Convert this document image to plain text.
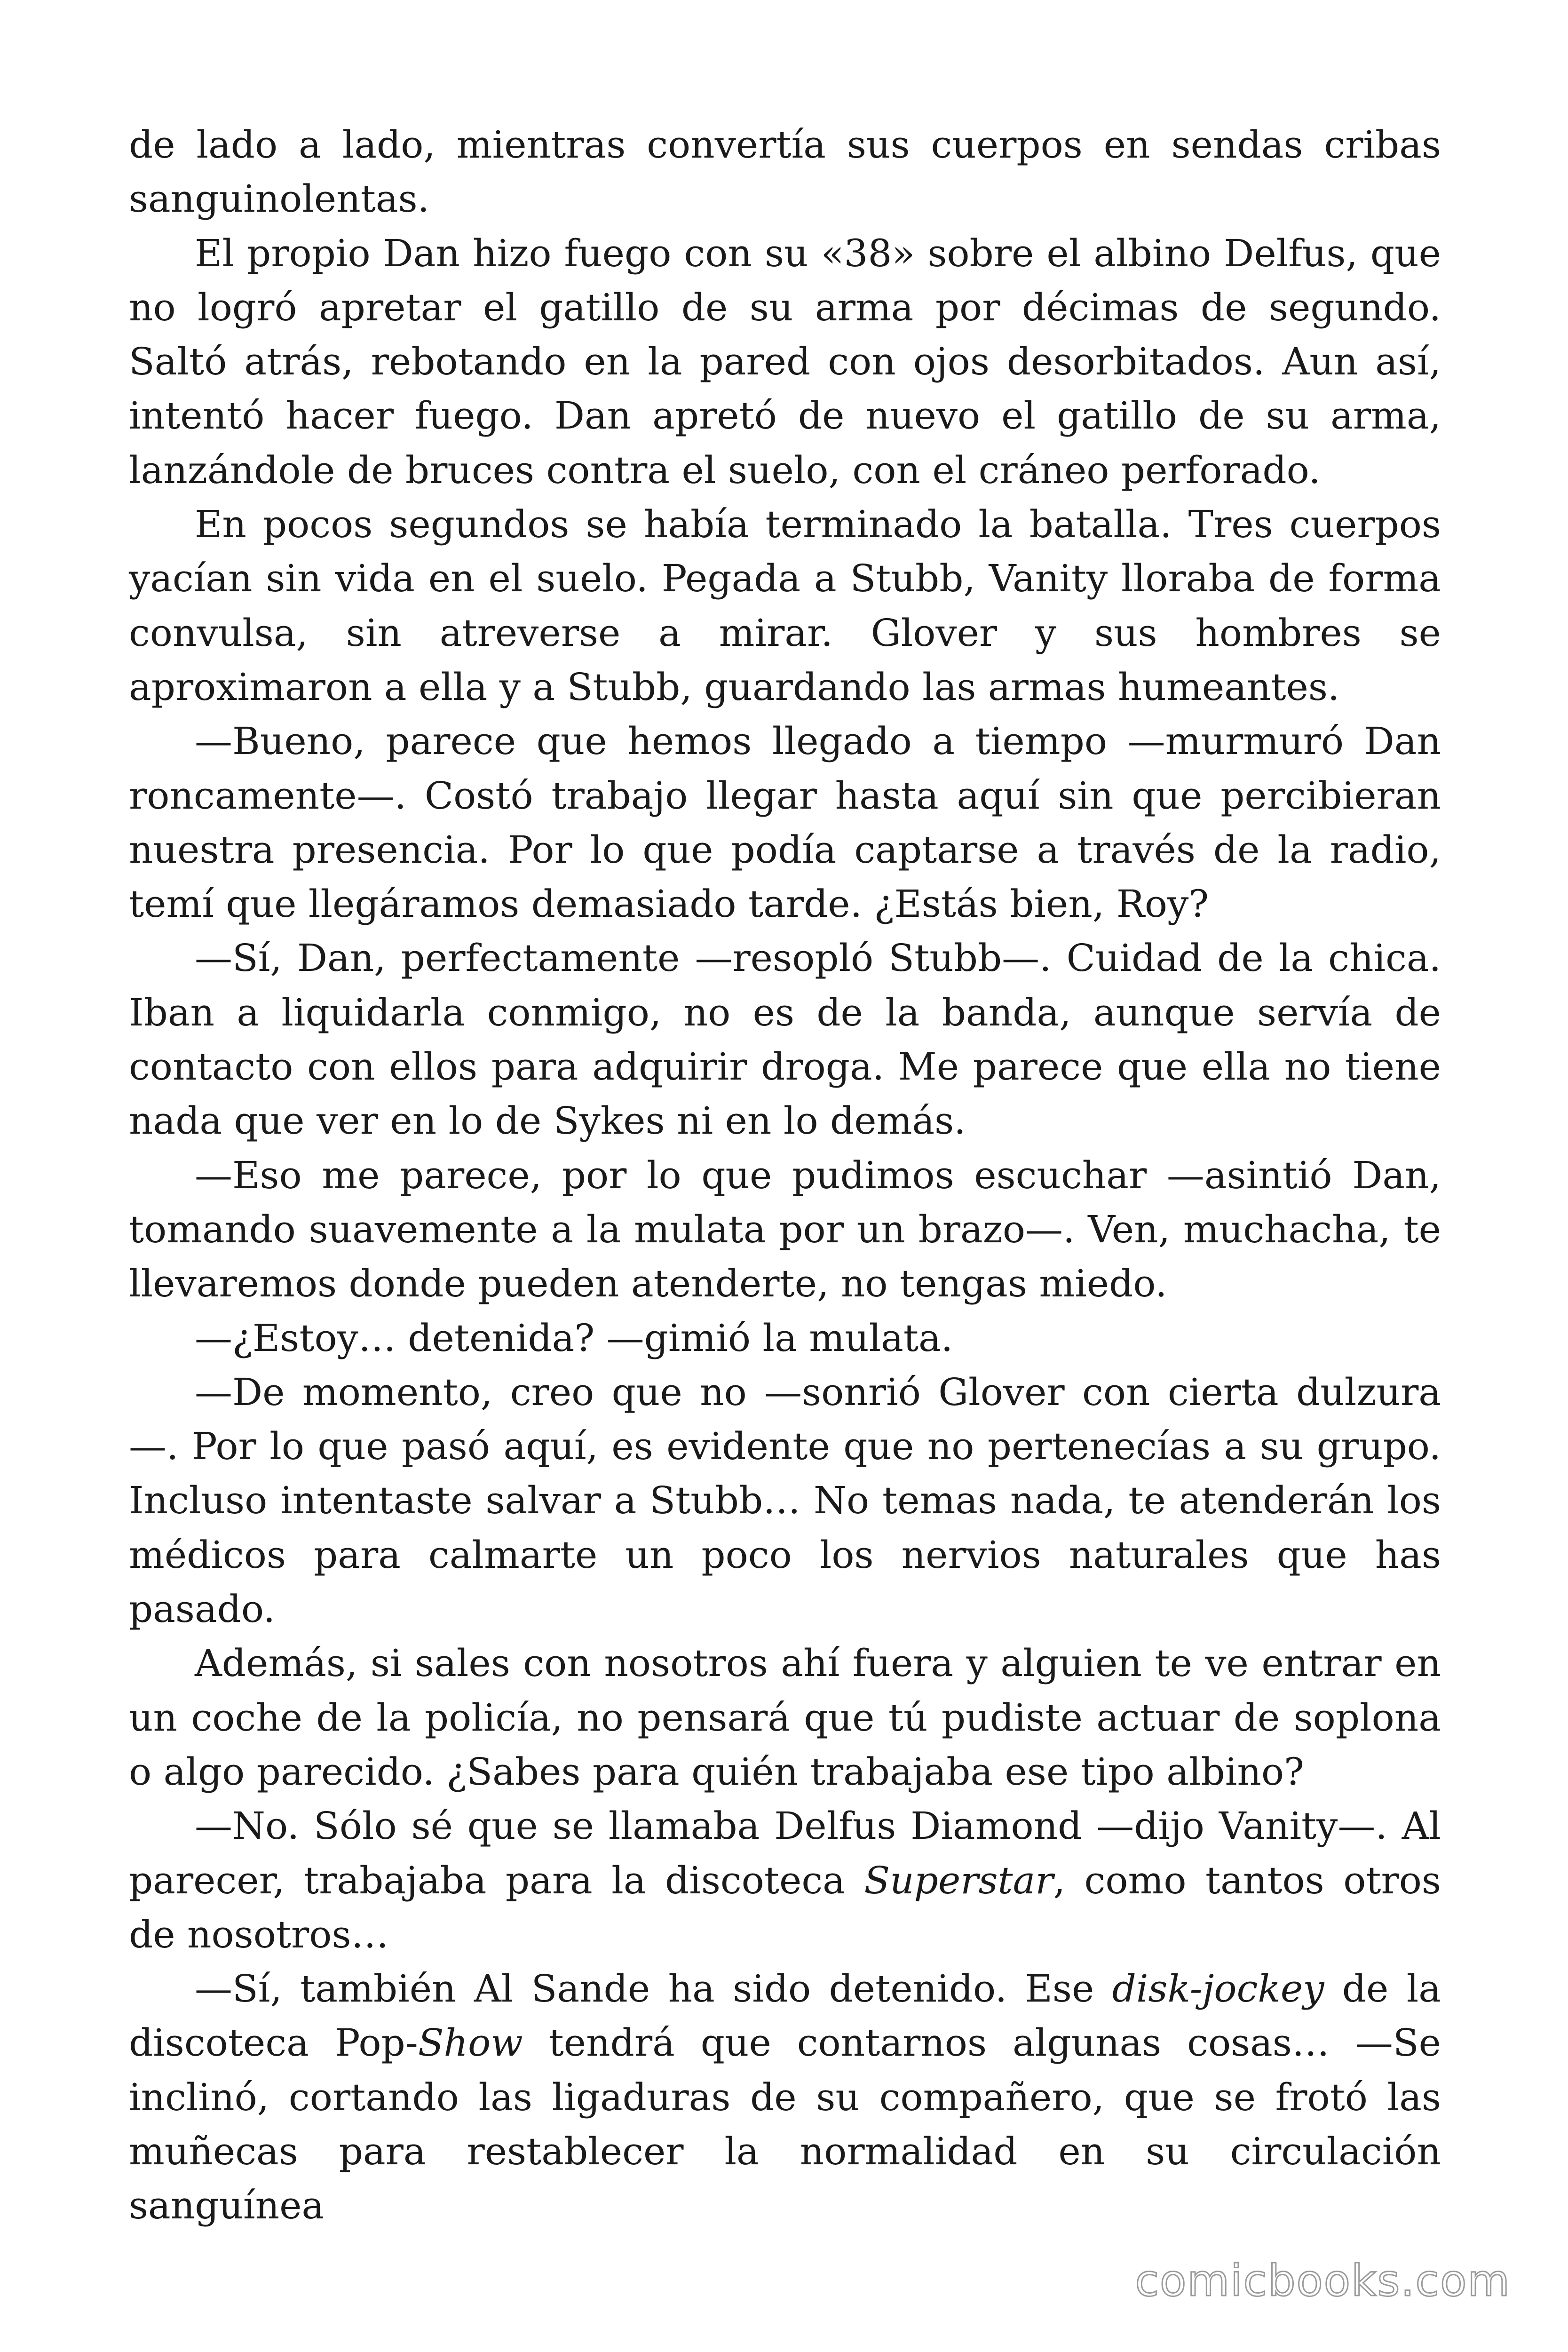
de lado a lado, mientras convertía sus cuerpos en sendas cribas sanguinolentas.

El propio Dan hizo fuego con su «38» sobre el albino Delfus, que no logró apretar el gatillo de su arma por décimas de segundo. Saltó atrás, rebotando en la pared con ojos desorbitados. Aun así, intentó hacer fuego. Dan apretó de nuevo el gatillo de su arma, lanzándole de bruces contra el suelo, con el cráneo perforado.

En pocos segundos se había terminado la batalla. Tres cuerpos yacían sin vida en el suelo. Pegada a Stubb, Vanity lloraba de forma convulsa, sin atreverse a mirar. Glover y sus hombres se aproximaron a ella y a Stubb, guardando las armas humeantes.

—Bueno, parece que hemos llegado a tiempo —murmuró Dan roncamente—. Costó trabajo llegar hasta aquí sin que percibieran nuestra presencia. Por lo que podía captarse a través de la radio, temí que llegáramos demasiado tarde. ¿Estás bien, Roy?

—Sí, Dan, perfectamente —resopló Stubb—. Cuidad de la chica. Iban a liquidarla conmigo, no es de la banda, aunque servía de contacto con ellos para adquirir droga. Me parece que ella no tiene nada que ver en lo de Sykes ni en lo demás.

—Eso me parece, por lo que pudimos escuchar —asintió Dan, tomando suavemente a la mulata por un brazo—. Ven, muchacha, te llevaremos donde pueden atenderte, no tengas miedo.

—¿Estoy… detenida? —gimió la mulata.

—De momento, creo que no —sonrió Glover con cierta dulzura —. Por lo que pasó aquí, es evidente que no pertenecías a su grupo. Incluso intentaste salvar a Stubb… No temas nada, te atenderán los médicos para calmarte un poco los nervios naturales que has pasado.

Además, si sales con nosotros ahí fuera y alguien te ve entrar en un coche de la policía, no pensará que tú pudiste actuar de soplona o algo parecido. ¿Sabes para quién trabajaba ese tipo albino?

—No. Sólo sé que se llamaba Delfus Diamond —dijo Vanity—. Al parecer, trabajaba para la discoteca Superstar, como tantos otros de nosotros…

—Sí, también Al Sande ha sido detenido. Ese disk-jockey de la discoteca Pop-Show tendrá que contarnos algunas cosas… —Se inclinó, cortando las ligaduras de su compañero, que se frotó las muñecas para restablecer la normalidad en su circulación sanguínea

comicbooks.com
